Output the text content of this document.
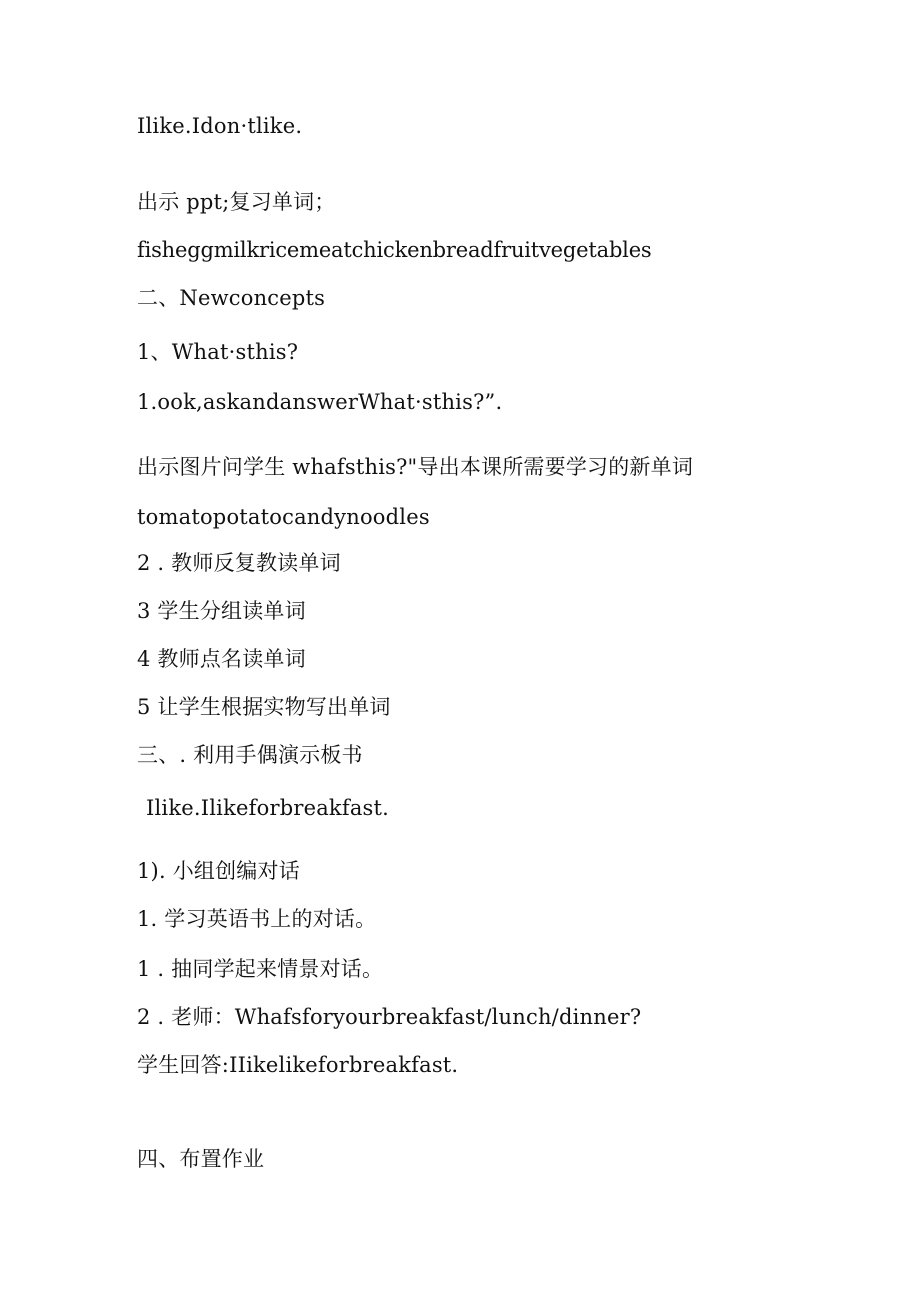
Ilike.Idon·tlike.
出示 ppt;复习单词；
fisheggmilkricemeatchickenbreadfruitvegetables
二、Newconcepts
1、What·sthis?
1.ook,askandanswerWhat·sthis?”.
出示图片问学生 whafsthis?"导出本课所需要学习的新单词
tomatopotatocandynoodles
2 . 教师反复教读单词
3 学生分组读单词
4 教师点名读单词
5 让学生根据实物写出单词
三、. 利用手偶演示板书
Ilike.Ilikeforbreakfast.
1). 小组创编对话
1. 学习英语书上的对话。
1 . 抽同学起来情景对话。
2 . 老师：Whafsforyourbreakfast/lunch/dinner?
学生回答:IIikelikeforbreakfast.
四、布置作业
